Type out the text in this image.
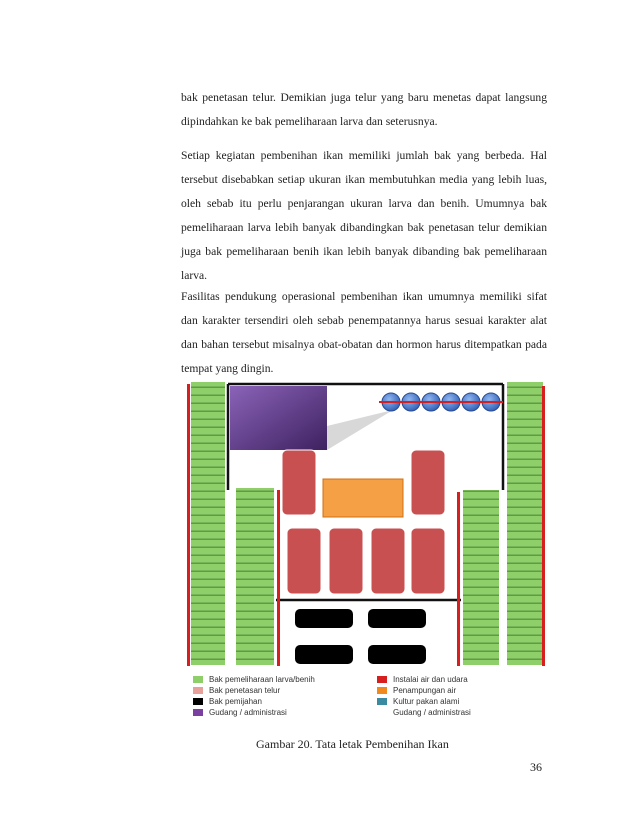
bak penetasan telur. Demikian juga telur yang baru menetas dapat langsung dipindahkan ke bak pemeliharaan larva dan seterusnya.
Setiap kegiatan pembenihan ikan memiliki jumlah bak yang berbeda. Hal tersebut disebabkan setiap ukuran ikan membutuhkan media yang lebih luas, oleh sebab itu perlu penjarangan ukuran larva dan benih. Umumnya bak pemeliharaan larva lebih banyak dibandingkan bak penetasan telur demikian juga bak pemeliharaan benih ikan lebih banyak dibanding bak pemeliharaan larva.
Fasilitas pendukung operasional pembenihan ikan umumnya memiliki sifat dan karakter tersendiri oleh sebab penempatannya harus sesuai karakter alat dan bahan tersebut misalnya obat-obatan dan hormon harus ditempatkan pada tempat yang dingin.
Bak pemeliharaan larva/benih
Bak penetasan telur
Bak pemijahan
Gudang / administrasi
Instalai air dan udara
Penampungan air
Kultur pakan alami
Gudang / administrasi
Gambar 20. Tata letak Pembenihan Ikan
36
